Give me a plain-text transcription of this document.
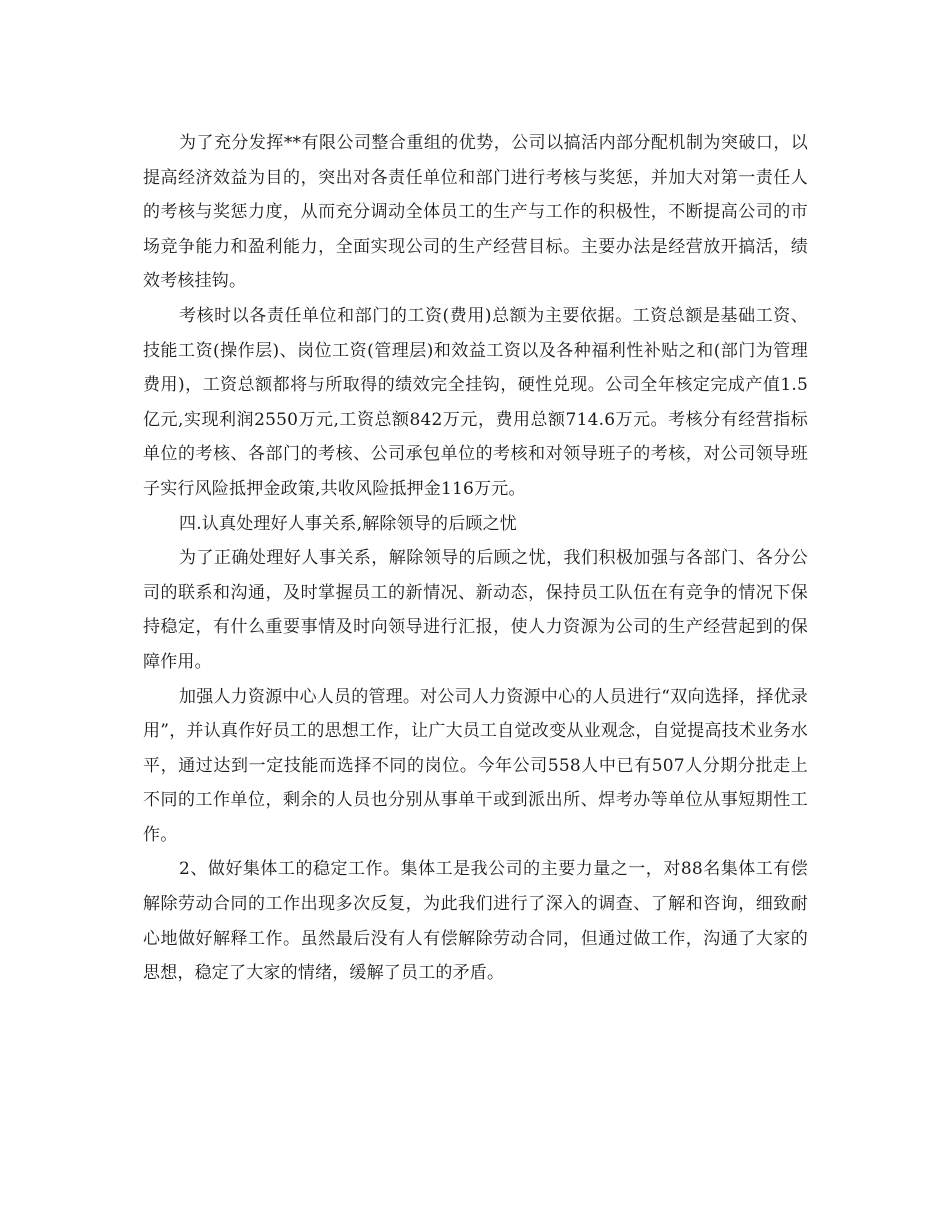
为了充分发挥**有限公司整合重组的优势，公司以搞活内部分配机制为突破口，以提高经济效益为目的，突出对各责任单位和部门进行考核与奖惩，并加大对第一责任人的考核与奖惩力度，从而充分调动全体员工的生产与工作的积极性，不断提高公司的市场竞争能力和盈利能力，全面实现公司的生产经营目标。主要办法是经营放开搞活，绩效考核挂钩。

考核时以各责任单位和部门的工资(费用)总额为主要依据。工资总额是基础工资、技能工资(操作层)、岗位工资(管理层)和效益工资以及各种福利性补贴之和(部门为管理费用)，工资总额都将与所取得的绩效完全挂钩，硬性兑现。公司全年核定完成产值1.5亿元,实现利润2550万元,工资总额842万元，费用总额714.6万元。考核分有经营指标单位的考核、各部门的考核、公司承包单位的考核和对领导班子的考核，对公司领导班子实行风险抵押金政策,共收风险抵押金116万元。

四.认真处理好人事关系,解除领导的后顾之忧

为了正确处理好人事关系，解除领导的后顾之忧，我们积极加强与各部门、各分公司的联系和沟通，及时掌握员工的新情况、新动态，保持员工队伍在有竞争的情况下保持稳定，有什么重要事情及时向领导进行汇报，使人力资源为公司的生产经营起到的保障作用。

加强人力资源中心人员的管理。对公司人力资源中心的人员进行“双向选择，择优录用”，并认真作好员工的思想工作，让广大员工自觉改变从业观念，自觉提高技术业务水平，通过达到一定技能而选择不同的岗位。今年公司558人中已有507人分期分批走上不同的工作单位，剩余的人员也分别从事单干或到派出所、焊考办等单位从事短期性工作。

2、做好集体工的稳定工作。集体工是我公司的主要力量之一，对88名集体工有偿解除劳动合同的工作出现多次反复，为此我们进行了深入的调查、了解和咨询，细致耐心地做好解释工作。虽然最后没有人有偿解除劳动合同，但通过做工作，沟通了大家的思想，稳定了大家的情绪，缓解了员工的矛盾。
